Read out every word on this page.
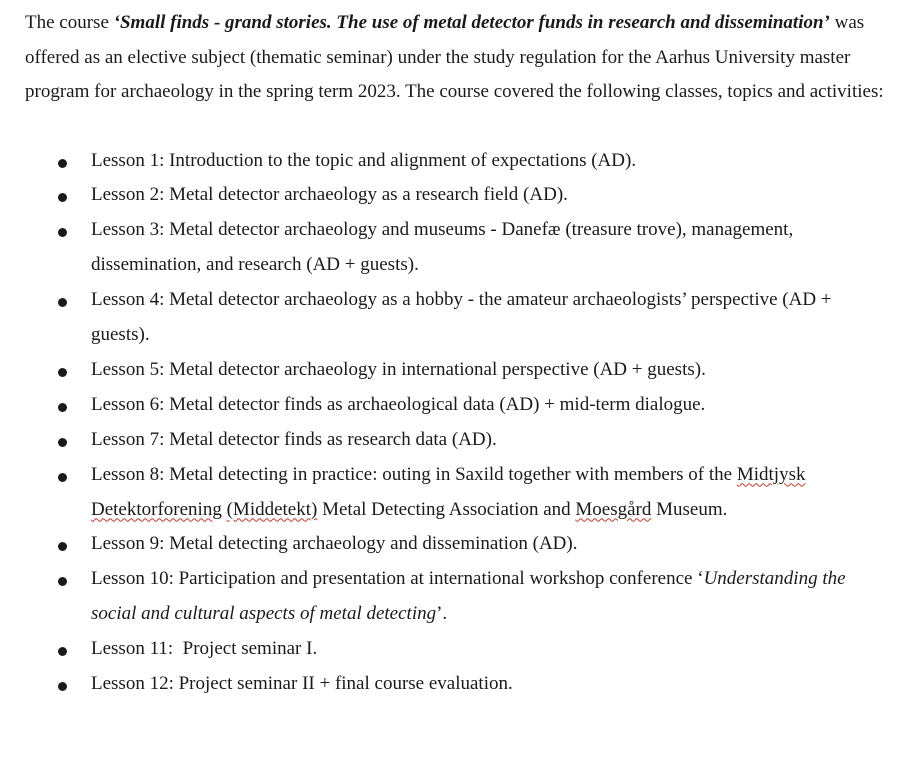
The course ‘Small finds - grand stories. The use of metal detector funds in research and dissemination’ was offered as an elective subject (thematic seminar) under the study regulation for the Aarhus University master program for archaeology in the spring term 2023. The course covered the following classes, topics and activities:

Lesson 1: Introduction to the topic and alignment of expectations (AD).
Lesson 2: Metal detector archaeology as a research field (AD).
Lesson 3: Metal detector archaeology and museums - Danefæ (treasure trove), management, dissemination, and research (AD + guests).
Lesson 4: Metal detector archaeology as a hobby - the amateur archaeologists’ perspective (AD + guests).
Lesson 5: Metal detector archaeology in international perspective (AD + guests).
Lesson 6: Metal detector finds as archaeological data (AD) + mid-term dialogue.
Lesson 7: Metal detector finds as research data (AD).
Lesson 8: Metal detecting in practice: outing in Saxild together with members of the Midtjysk Detektorforening (Middetekt) Metal Detecting Association and Moesgård Museum.
Lesson 9: Metal detecting archaeology and dissemination (AD).
Lesson 10: Participation and presentation at international workshop conference ‘Understanding the social and cultural aspects of metal detecting’.
Lesson 11:  Project seminar I.
Lesson 12: Project seminar II + final course evaluation.
